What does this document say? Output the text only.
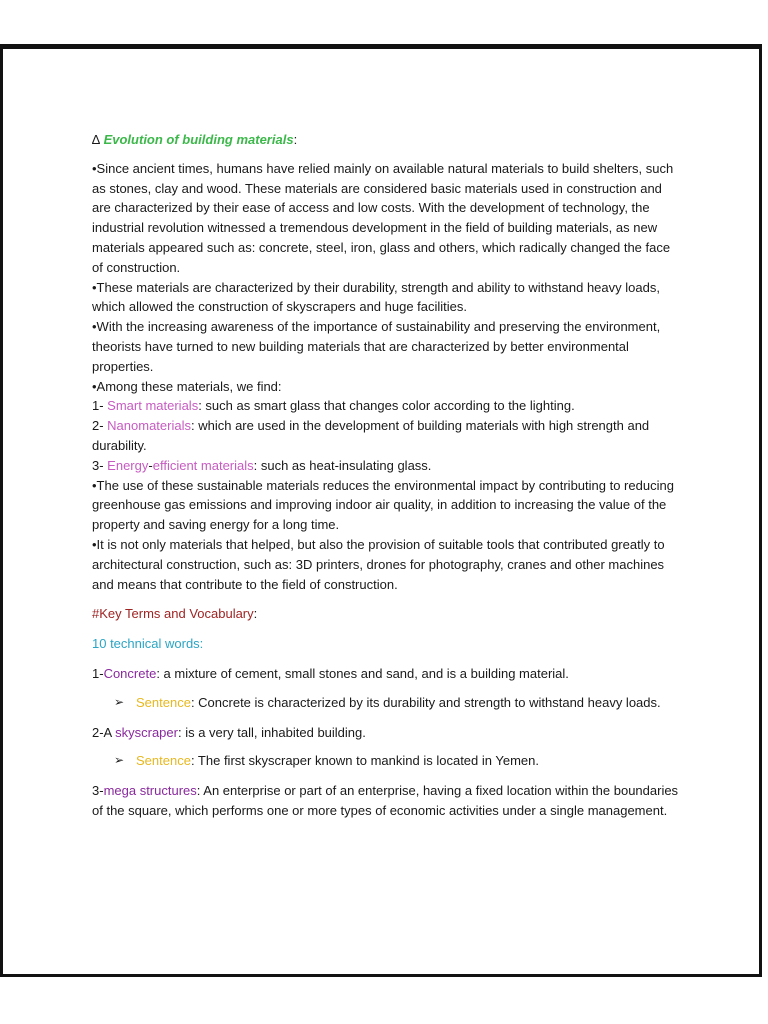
∆ Evolution of building materials:

•Since ancient times, humans have relied mainly on available natural materials to build shelters, such as stones, clay and wood. These materials are considered basic materials used in construction and are characterized by their ease of access and low costs. With the development of technology, the industrial revolution witnessed a tremendous development in the field of building materials, as new materials appeared such as: concrete, steel, iron, glass and others, which radically changed the face of construction.

•These materials are characterized by their durability, strength and ability to withstand heavy loads, which allowed the construction of skyscrapers and huge facilities.

•With the increasing awareness of the importance of sustainability and preserving the environment, theorists have turned to new building materials that are characterized by better environmental properties.

•Among these materials, we find:

1- Smart materials: such as smart glass that changes color according to the lighting.

2- Nanomaterials: which are used in the development of building materials with high strength and durability.

3- Energy-efficient materials: such as heat-insulating glass.

•The use of these sustainable materials reduces the environmental impact by contributing to reducing greenhouse gas emissions and improving indoor air quality, in addition to increasing the value of the property and saving energy for a long time.

•It is not only materials that helped, but also the provision of suitable tools that contributed greatly to architectural construction, such as: 3D printers, drones for photography, cranes and other machines and means that contribute to the field of construction.

#Key Terms and Vocabulary:

10 technical words:

1-Concrete: a mixture of cement, small stones and sand, and is a building material.

➢ Sentence: Concrete is characterized by its durability and strength to withstand heavy loads.

2-A skyscraper: is a very tall, inhabited building.

➢ Sentence: The first skyscraper known to mankind is located in Yemen.

3-mega structures: An enterprise or part of an enterprise, having a fixed location within the boundaries of the square, which performs one or more types of economic activities under a single management.
